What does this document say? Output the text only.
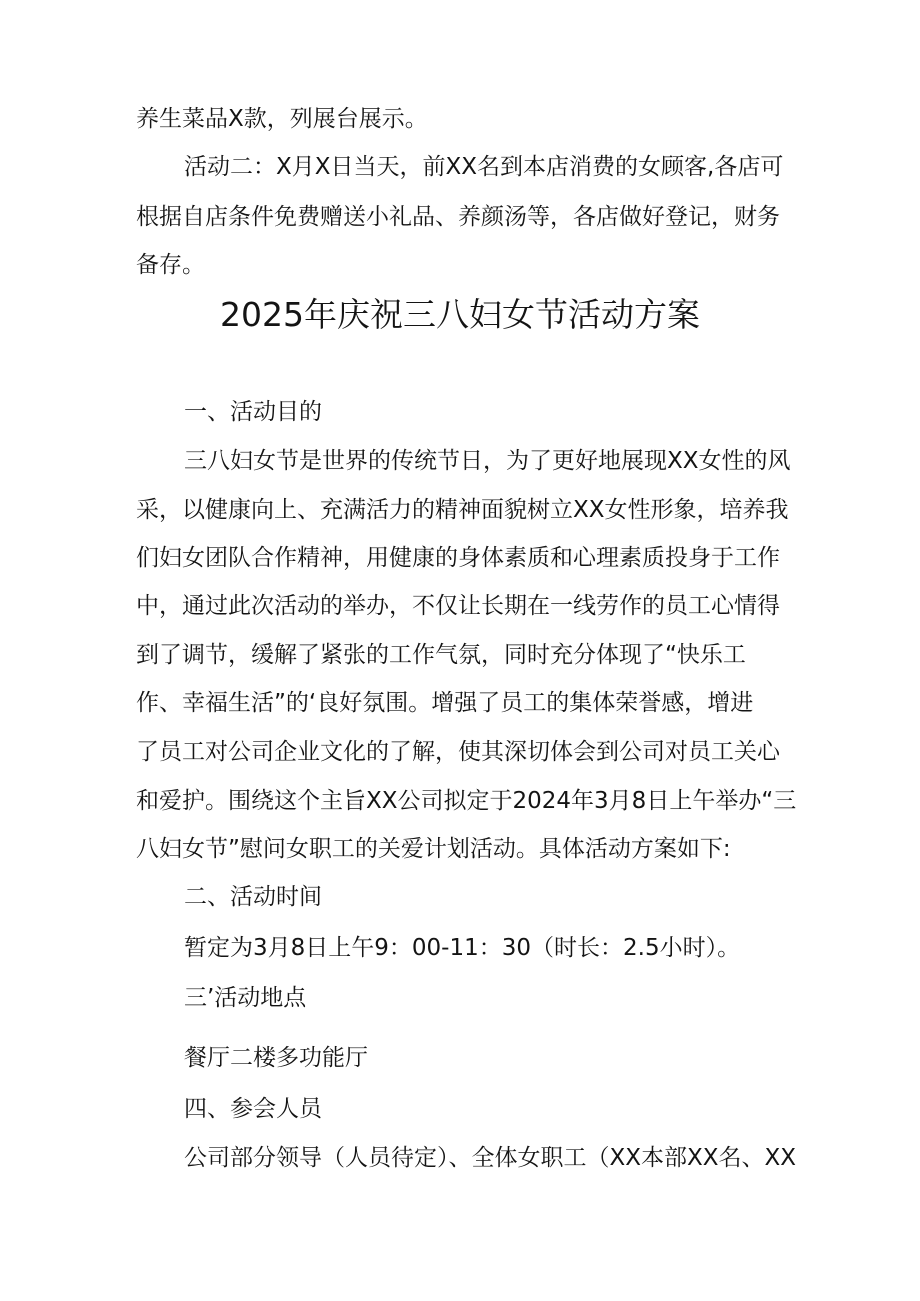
养生菜品X款，列展台展示。
活动二：X月X日当天，前XX名到本店消费的女顾客,各店可
根据自店条件免费赠送小礼品、养颜汤等，各店做好登记，财务
备存。
2025年庆祝三八妇女节活动方案
一、活动目的
三八妇女节是世界的传统节日，为了更好地展现XX女性的风
采，以健康向上、充满活力的精神面貌树立XX女性形象，培养我
们妇女团队合作精神，用健康的身体素质和心理素质投身于工作
中，通过此次活动的举办，不仅让长期在一线劳作的员工心情得
到了调节，缓解了紧张的工作气氛，同时充分体现了“快乐工
作、幸福生活”的‘良好氛围。增强了员工的集体荣誉感，增进
了员工对公司企业文化的了解，使其深切体会到公司对员工关心
和爱护。围绕这个主旨XX公司拟定于2024年3月8日上午举办“三
八妇女节”慰问女职工的关爱计划活动。具体活动方案如下:
二、活动时间
暂定为3月8日上午9：00-11：30（时长：2.5小时）。
三’活动地点
餐厅二楼多功能厅
四、参会人员
公司部分领导（人员待定）、全体女职工（XX本部XX名、XX
